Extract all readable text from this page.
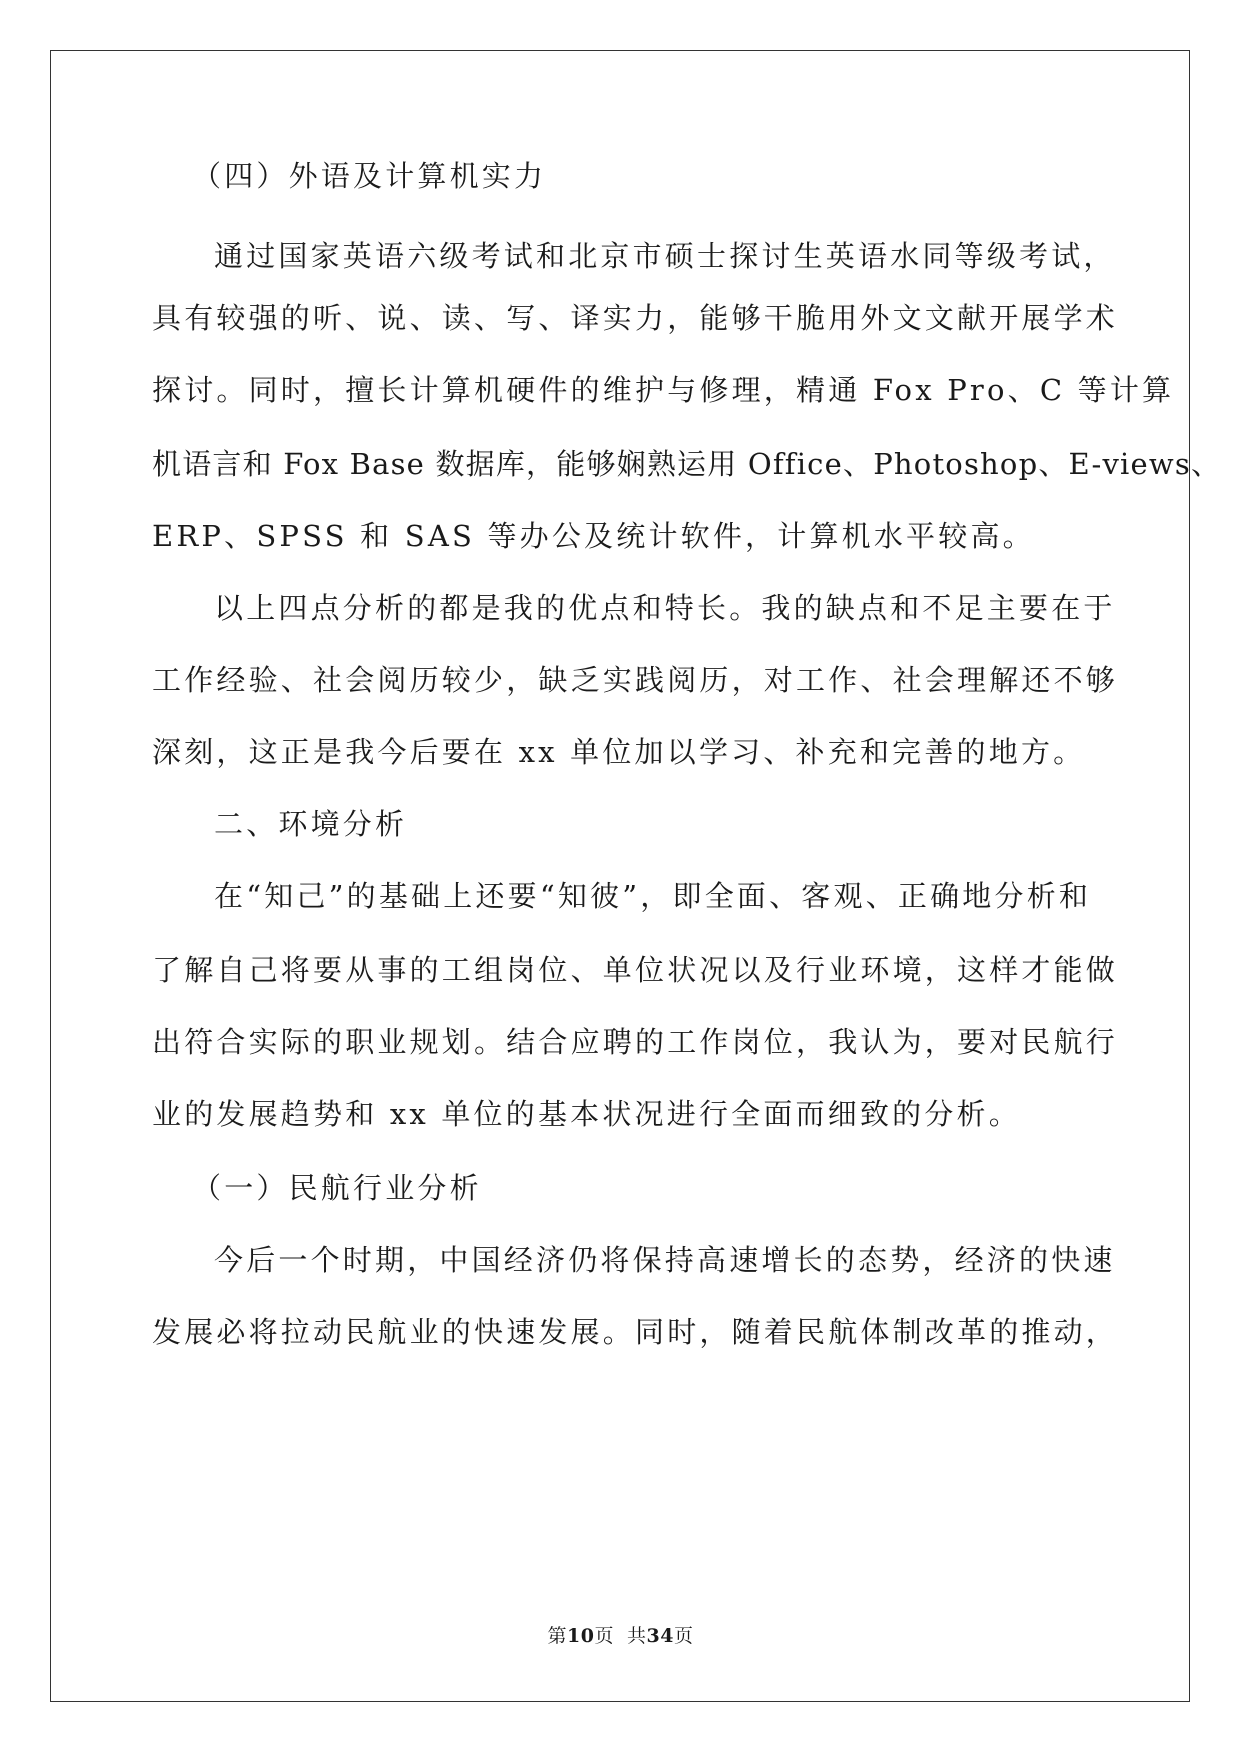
（四）外语及计算机实力
通过国家英语六级考试和北京市硕士探讨生英语水同等级考试，
具有较强的听、说、读、写、译实力，能够干脆用外文文献开展学术
探讨。同时，擅长计算机硬件的维护与修理，精通 Fox Pro、C 等计算
机语言和 Fox Base 数据库，能够娴熟运用 Office、Photoshop、E-views、
ERP、SPSS 和 SAS 等办公及统计软件，计算机水平较高。
以上四点分析的都是我的优点和特长。我的缺点和不足主要在于
工作经验、社会阅历较少，缺乏实践阅历，对工作、社会理解还不够
深刻，这正是我今后要在 xx 单位加以学习、补充和完善的地方。
二、环境分析
在“知己”的基础上还要“知彼”，即全面、客观、正确地分析和
了解自己将要从事的工组岗位、单位状况以及行业环境，这样才能做
出符合实际的职业规划。结合应聘的工作岗位，我认为，要对民航行
业的发展趋势和 xx 单位的基本状况进行全面而细致的分析。
（一）民航行业分析
今后一个时期，中国经济仍将保持高速增长的态势，经济的快速
发展必将拉动民航业的快速发展。同时，随着民航体制改革的推动，
第10页  共34页
